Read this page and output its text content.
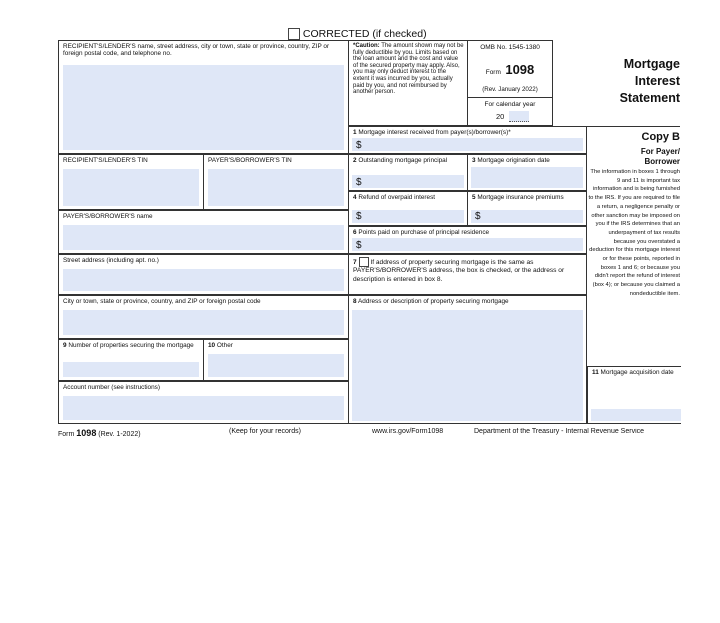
CORRECTED (if checked)
Mortgage
Interest
Statement
RECIPIENT'S/LENDER'S name, street address, city or town, state or province, country, ZIP or foreign postal code, and telephone no.
RECIPIENT'S/LENDER'S TIN	PAYER'S/BORROWER'S TIN
PAYER'S/BORROWER'S name
Street address (including apt. no.)
City or town, state or province, country, and ZIP or foreign postal code
9 Number of properties securing the mortgage	10 Other
Account number (see instructions)
*Caution: The amount shown may not be fully deductible by you. Limits based on the loan amount and the cost and value of the secured property may apply. Also, you may only deduct interest to the extent it was incurred by you, actually paid by you, and not reimbursed by another person.
OMB No. 1545-1380
Form 1098
(Rev. January 2022)
For calendar year
20
1 Mortgage interest received from payer(s)/borrower(s)*
$
2 Outstanding mortgage principal
$
3 Mortgage origination date
4 Refund of overpaid interest
$
5 Mortgage insurance premiums
$
6 Points paid on purchase of principal residence
$
7 If address of property securing mortgage is the same as PAYER'S/BORROWER'S address, the box is checked, or the address or description is entered in box 8.
8 Address or description of property securing mortgage
Copy B
For Payer/ Borrower
The information in boxes 1 through 9 and 11 is important tax information and is being furnished to the IRS. If you are required to file a return, a negligence penalty or other sanction may be imposed on you if the IRS determines that an underpayment of tax results because you overstated a deduction for this mortgage interest or for these points, reported in boxes 1 and 6; or because you didn't report the refund of interest (box 4); or because you claimed a nondeductible item.
11 Mortgage acquisition date
Form 1098 (Rev. 1-2022)	(Keep for your records)	www.irs.gov/Form1098	Department of the Treasury - Internal Revenue Service
